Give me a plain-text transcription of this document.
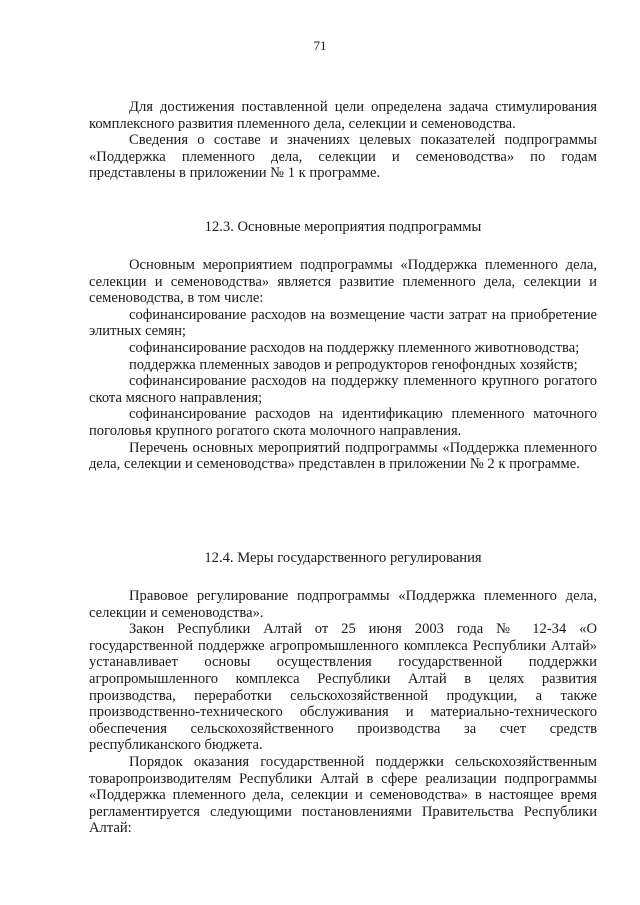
71

Для достижения поставленной цели определена задача стимулирования комплексного развития племенного дела, селекции и семеноводства.

Сведения о составе и значениях целевых показателей подпрограммы «Поддержка племенного дела, селекции и семеноводства» по годам представлены в приложении № 1 к программе.

12.3. Основные мероприятия подпрограммы

Основным мероприятием подпрограммы «Поддержка племенного дела, селекции и семеноводства» является развитие племенного дела, селекции и семеноводства, в том числе:

софинансирование расходов на возмещение части затрат на приобретение элитных семян;

софинансирование расходов на поддержку племенного животноводства;

поддержка племенных заводов и репродукторов генофондных хозяйств;

софинансирование расходов на поддержку племенного крупного рогатого скота мясного направления;

софинансирование расходов на идентификацию племенного маточного поголовья крупного рогатого скота молочного направления.

Перечень основных мероприятий подпрограммы «Поддержка племенного дела, селекции и семеноводства» представлен в приложении № 2 к программе.

12.4. Меры государственного регулирования

Правовое регулирование подпрограммы «Поддержка племенного дела, селекции и семеноводства».

Закон Республики Алтай от 25 июня 2003 года № 12-34 «О государственной поддержке агропромышленного комплекса Республики Алтай» устанавливает основы осуществления государственной поддержки агропромышленного комплекса Республики Алтай в целях развития производства, переработки сельскохозяйственной продукции, а также производственно-технического обслуживания и материально-технического обеспечения сельскохозяйственного производства за счет средств республиканского бюджета.

Порядок оказания государственной поддержки сельскохозяйственным товаропроизводителям Республики Алтай в сфере реализации подпрограммы «Поддержка племенного дела, селекции и семеноводства» в настоящее время регламентируется следующими постановлениями Правительства Республики Алтай:
